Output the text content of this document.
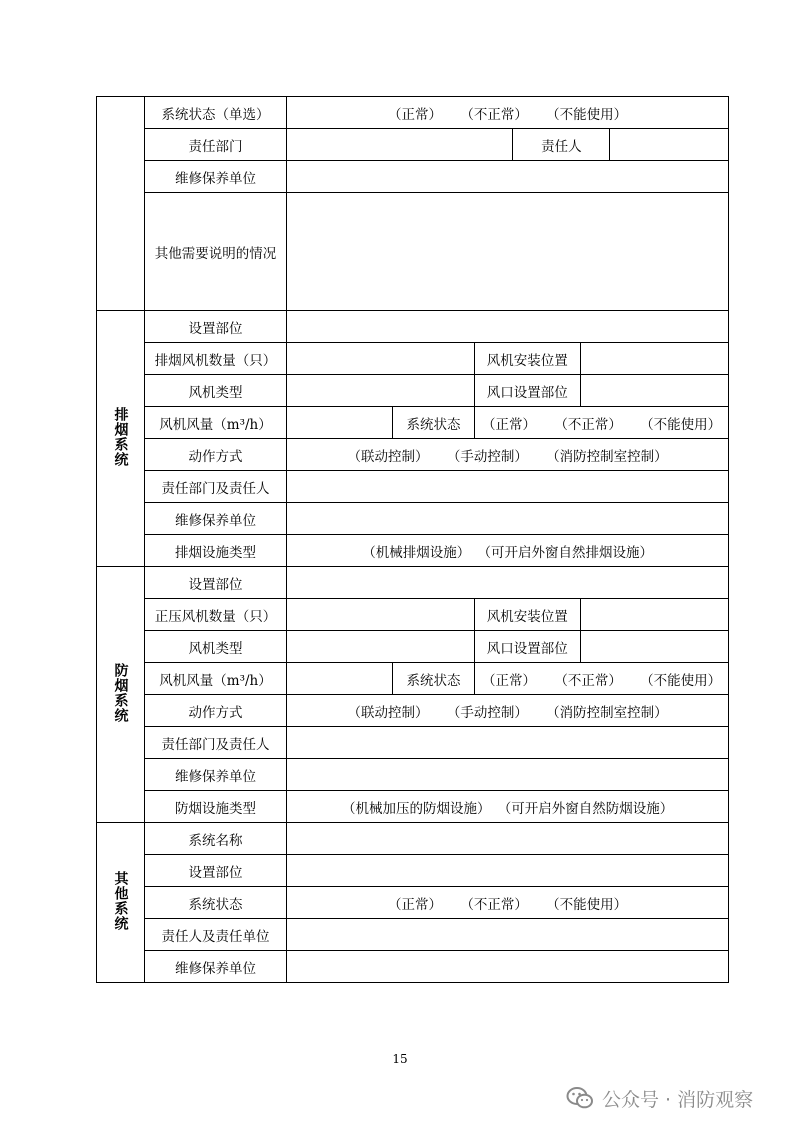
	系统状态（单选）	（正常） （不正常） （不能使用）					
	责任部门				责任人		
	维修保养单位						
	其他需要说明的情况						
排烟系统	设置部位						
	排烟风机数量（只）			风机安装位置			
	风机类型			风口设置部位			
	风机风量（m³/h）		系统状态	（正常） （不正常） （不能使用）			
	动作方式	（联动控制） （手动控制） （消防控制室控制）					
	责任部门及责任人						
	维修保养单位						
	排烟设施类型	（机械排烟设施） （可开启外窗自然排烟设施）					
防烟系统	设置部位						
	正压风机数量（只）			风机安装位置			
	风机类型			风口设置部位			
	风机风量（m³/h）		系统状态	（正常） （不正常） （不能使用）			
	动作方式	（联动控制） （手动控制） （消防控制室控制）					
	责任部门及责任人						
	维修保养单位						
	防烟设施类型	（机械加压的防烟设施） （可开启外窗自然防烟设施）					
其他系统	系统名称						
	设置部位						
	系统状态	（正常） （不正常） （不能使用）					
	责任人及责任单位						
	维修保养单位						
15
公众号 · 消防观察
